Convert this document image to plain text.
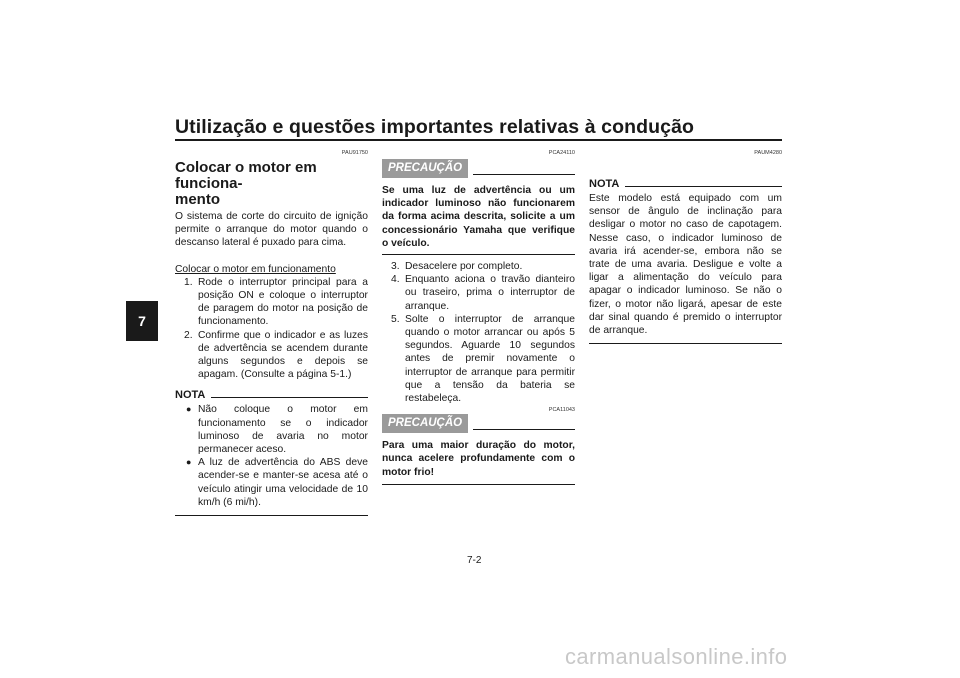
Utilização e questões importantes relativas à condução
7
PAU91750
Colocar o motor em funciona-
mento
O sistema de corte do circuito de ignição permite o arranque do motor quando o descanso lateral é puxado para cima.
Colocar o motor em funcionamento
1. Rode o interruptor principal para a posição ON e coloque o interruptor de paragem do motor na posição de funcionamento.
2. Confirme que o indicador e as luzes de advertência se acendem durante alguns segundos e depois se apagam. (Consulte a página 5-1.)
NOTA
● Não coloque o motor em funcionamento se o indicador luminoso de avaria no motor permanecer aceso.
● A luz de advertência do ABS deve acender-se e manter-se acesa até o veículo atingir uma velocidade de 10 km/h (6 mi/h).
PCA24110
PRECAUÇÃO
Se uma luz de advertência ou um indicador luminoso não funcionarem da forma acima descrita, solicite a um concessionário Yamaha que verifique o veículo.
3. Desacelere por completo.
4. Enquanto aciona o travão dianteiro ou traseiro, prima o interruptor de arranque.
5. Solte o interruptor de arranque quando o motor arrancar ou após 5 segundos. Aguarde 10 segundos antes de premir novamente o interruptor de arranque para permitir que a tensão da bateria se restabeleça.
PCA11043
PRECAUÇÃO
Para uma maior duração do motor, nunca acelere profundamente com o motor frio!
PAUM4280
NOTA
Este modelo está equipado com um sensor de ângulo de inclinação para desligar o motor no caso de capotagem. Nesse caso, o indicador luminoso de avaria irá acender-se, embora não se trate de uma avaria. Desligue e volte a ligar a alimentação do veículo para apagar o indicador luminoso. Se não o fizer, o motor não ligará, apesar de este dar sinal quando é premido o interruptor de arranque.
7-2
carmanualsonline.info
